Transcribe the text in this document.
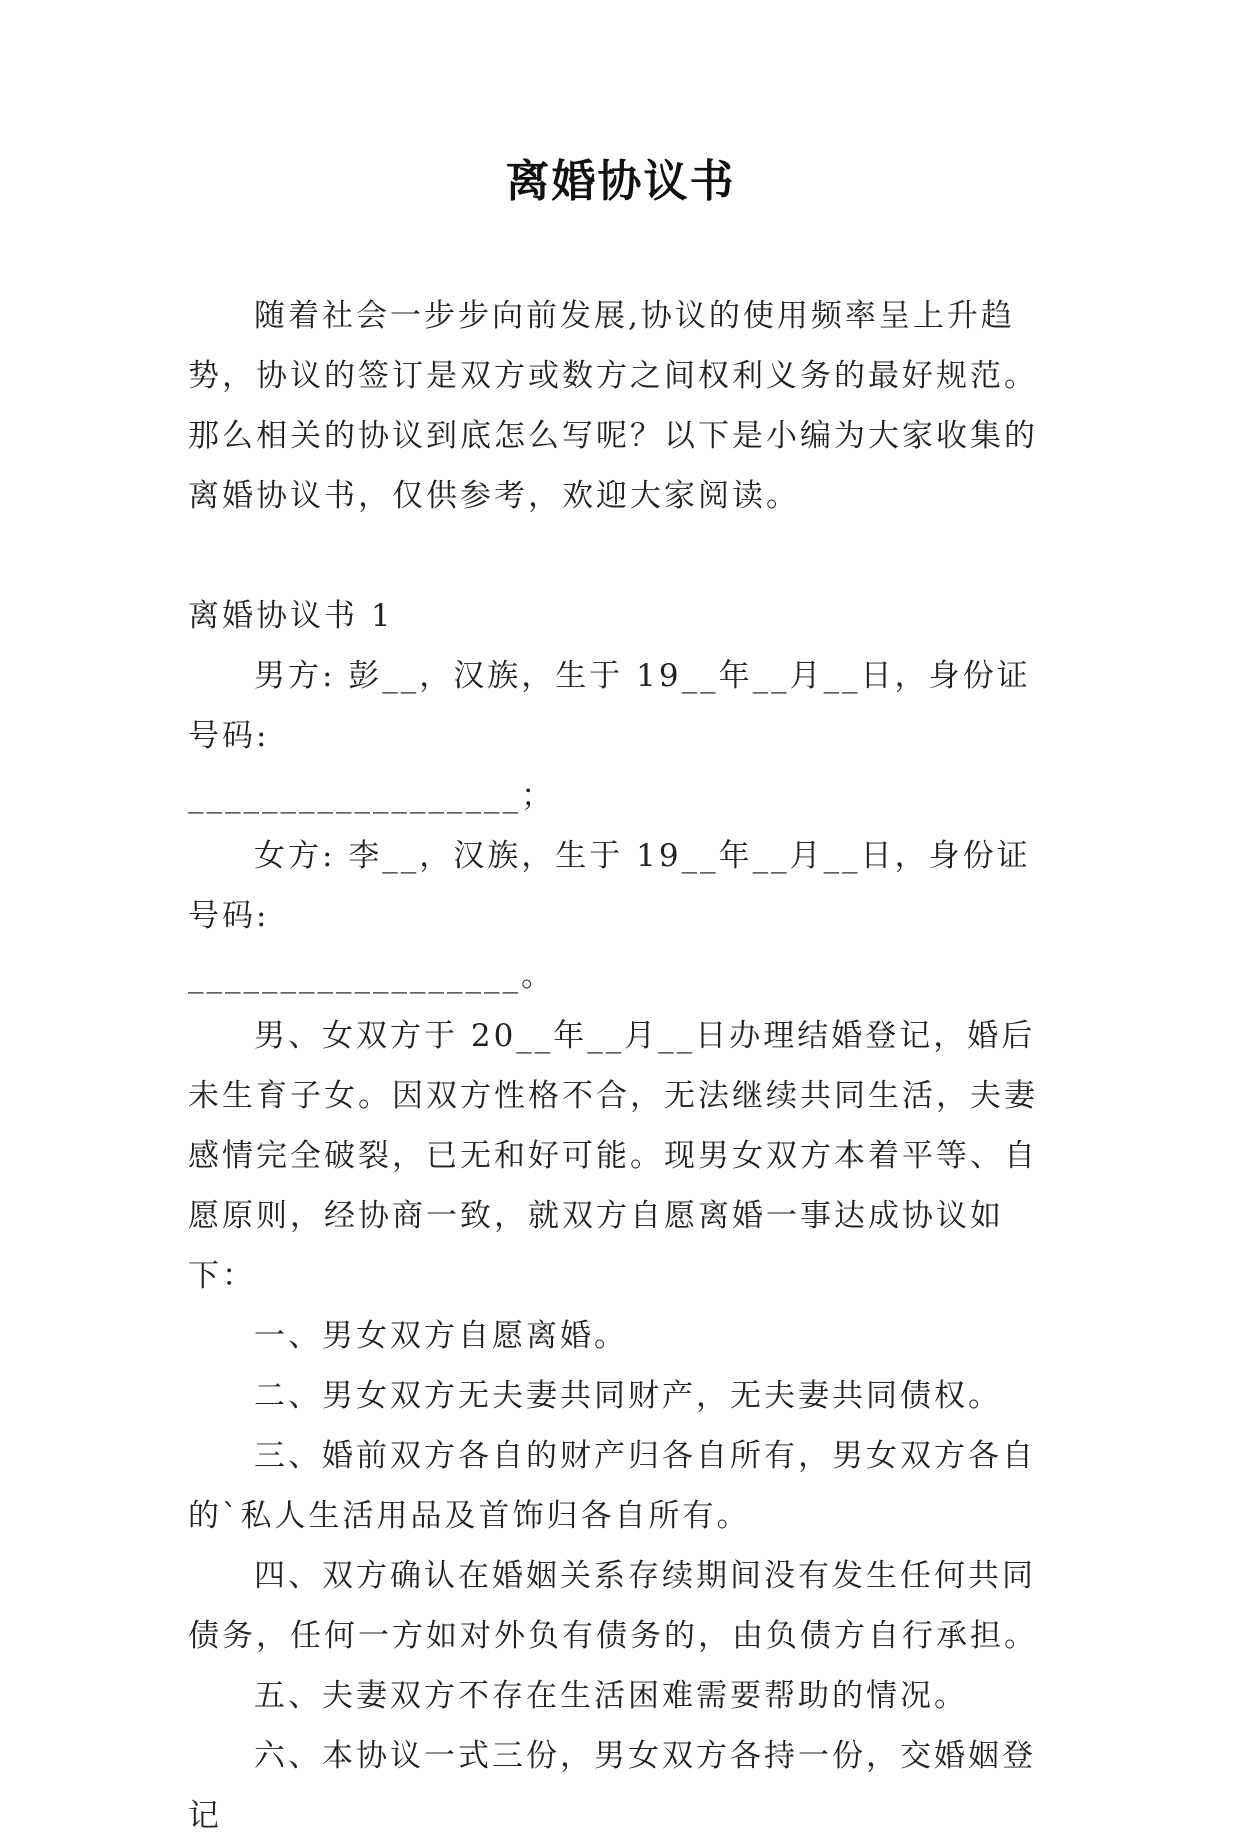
离婚协议书

随着社会一步步向前发展,协议的使用频率呈上升趋势，协议的签订是双方或数方之间权利义务的最好规范。那么相关的协议到底怎么写呢？以下是小编为大家收集的离婚协议书，仅供参考，欢迎大家阅读。

离婚协议书 1

男方: 彭__，汉族，生于 19__年__月__日，身份证号码:

__________________；

女方: 李__，汉族，生于 19__年__月__日，身份证号码:

__________________。

男、女双方于 20__年__月__日办理结婚登记，婚后未生育子女。因双方性格不合，无法继续共同生活，夫妻感情完全破裂，已无和好可能。现男女双方本着平等、自愿原则，经协商一致，就双方自愿离婚一事达成协议如下：

一、男女双方自愿离婚。

二、男女双方无夫妻共同财产，无夫妻共同债权。

三、婚前双方各自的财产归各自所有，男女双方各自的`私人生活用品及首饰归各自所有。

四、双方确认在婚姻关系存续期间没有发生任何共同债务，任何一方如对外负有债务的，由负债方自行承担。

五、夫妻双方不存在生活困难需要帮助的情况。

六、本协议一式三份，男女双方各持一份，交婚姻登记
